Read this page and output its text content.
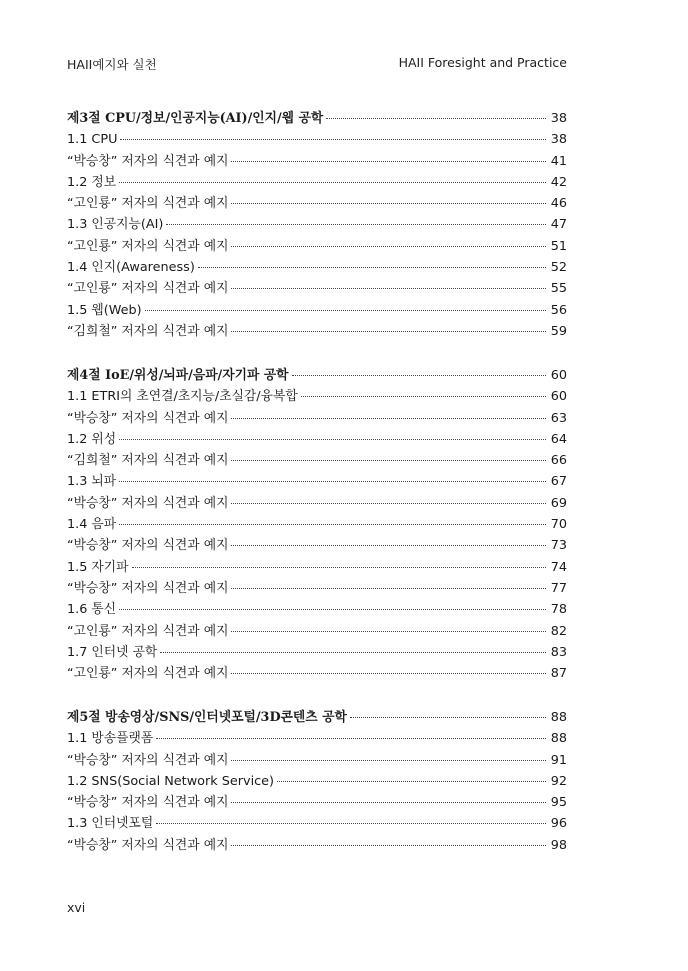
HAII예지와 실천	HAII Foresight and Practice
제3절 CPU/정보/인공지능(AI)/인지/웹 공학	38
1.1 CPU	38
“박승창” 저자의 식견과 예지	41
1.2 정보	42
“고인룡” 저자의 식견과 예지	46
1.3 인공지능(AI)	47
“고인룡” 저자의 식견과 예지	51
1.4 인지(Awareness)	52
“고인룡” 저자의 식견과 예지	55
1.5 웹(Web)	56
“김희철” 저자의 식견과 예지	59
제4절 IoE/위성/뇌파/음파/자기파 공학	60
1.1 ETRI의 초연결/초지능/초실감/융복합	60
“박승창” 저자의 식견과 예지	63
1.2 위성	64
“김희철” 저자의 식견과 예지	66
1.3 뇌파	67
“박승창” 저자의 식견과 예지	69
1.4 음파	70
“박승창” 저자의 식견과 예지	73
1.5 자기파	74
“박승창” 저자의 식견과 예지	77
1.6 통신	78
“고인룡” 저자의 식견과 예지	82
1.7 인터넷 공학	83
“고인룡” 저자의 식견과 예지	87
제5절 방송영상/SNS/인터넷포털/3D콘텐츠 공학	88
1.1 방송플랫폼	88
“박승창” 저자의 식견과 예지	91
1.2 SNS(Social Network Service)	92
“박승창” 저자의 식견과 예지	95
1.3 인터넷포털	96
“박승창” 저자의 식견과 예지	98
xvi
